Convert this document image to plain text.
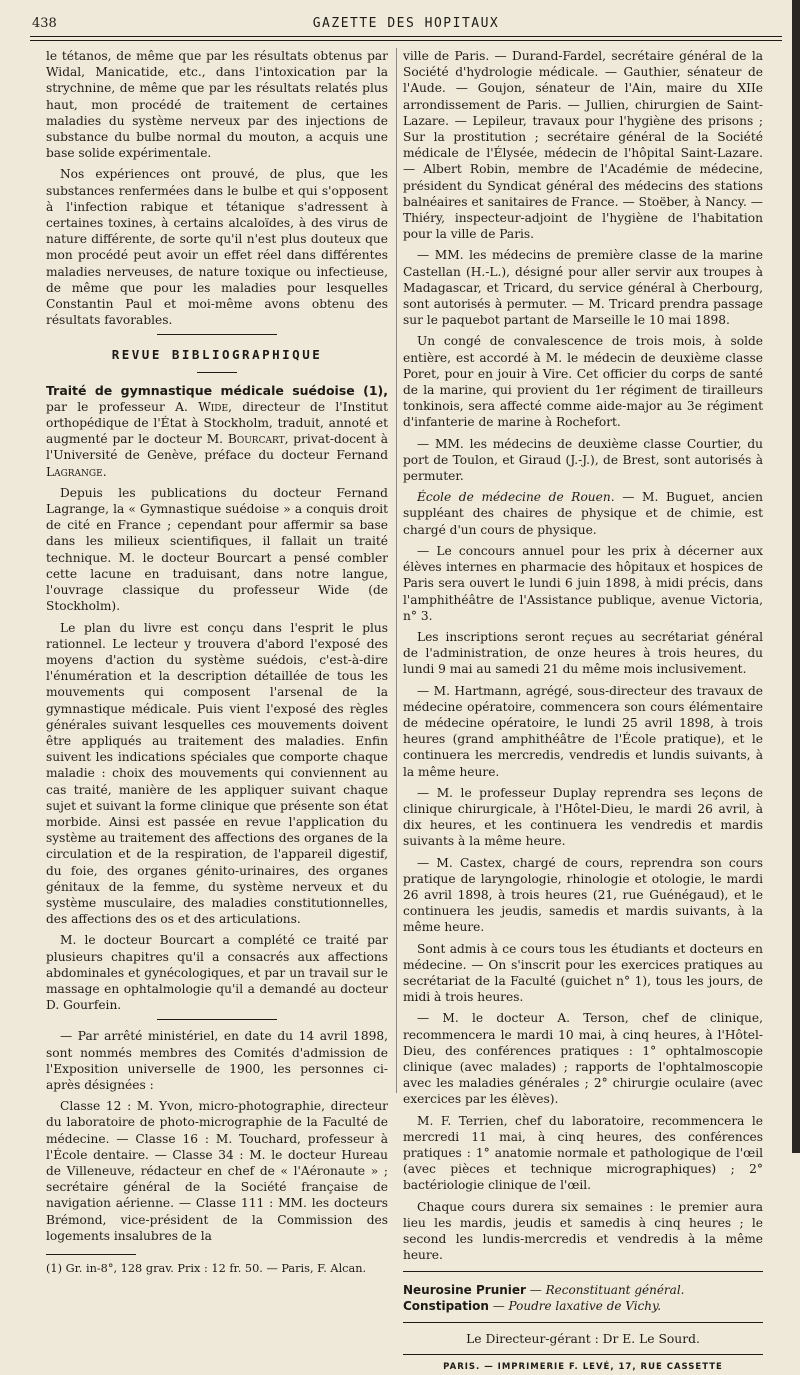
438	GAZETTE DES HOPITAUX

le tétanos, de même que par les résultats obtenus par Widal, Manicatide, etc., dans l'intoxication par la strychnine, de même que par les résultats relatés plus haut, mon procédé de traitement de certaines maladies du système nerveux par des injections de substance du bulbe normal du mouton, a acquis une base solide expérimentale.

Nos expériences ont prouvé, de plus, que les substances renfermées dans le bulbe et qui s'opposent à l'infection rabique et tétanique s'adressent à certaines toxines, à certains alcaloïdes, à des virus de nature différente, de sorte qu'il n'est plus douteux que mon procédé peut avoir un effet réel dans différentes maladies nerveuses, de nature toxique ou infectieuse, de même que pour les maladies pour lesquelles Constantin Paul et moi-même avons obtenu des résultats favorables.

REVUE BIBLIOGRAPHIQUE

Traité de gymnastique médicale suédoise (1), par le professeur A. Wide, directeur de l'Institut orthopédique de l'État à Stockholm, traduit, annoté et augmenté par le docteur M. Bourcart, privat-docent à l'Université de Genève, préface du docteur Fernand Lagrange.

Depuis les publications du docteur Fernand Lagrange, la « Gymnastique suédoise » a conquis droit de cité en France ; cependant pour affermir sa base dans les milieux scientifiques, il fallait un traité technique. M. le docteur Bourcart a pensé combler cette lacune en traduisant, dans notre langue, l'ouvrage classique du professeur Wide (de Stockholm).

Le plan du livre est conçu dans l'esprit le plus rationnel. Le lecteur y trouvera d'abord l'exposé des moyens d'action du système suédois, c'est-à-dire l'énumération et la description détaillée de tous les mouvements qui composent l'arsenal de la gymnastique médicale. Puis vient l'exposé des règles générales suivant lesquelles ces mouvements doivent être appliqués au traitement des maladies. Enfin suivent les indications spéciales que comporte chaque maladie : choix des mouvements qui conviennent au cas traité, manière de les appliquer suivant chaque sujet et suivant la forme clinique que présente son état morbide. Ainsi est passée en revue l'application du système au traitement des affections des organes de la circulation et de la respiration, de l'appareil digestif, du foie, des organes génito-urinaires, des organes génitaux de la femme, du système nerveux et du système musculaire, des maladies constitutionnelles, des affections des os et des articulations.

M. le docteur Bourcart a complété ce traité par plusieurs chapitres qu'il a consacrés aux affections abdominales et gynécologiques, et par un travail sur le massage en ophtalmologie qu'il a demandé au docteur D. Gourfein.

— Par arrêté ministériel, en date du 14 avril 1898, sont nommés membres des Comités d'admission de l'Exposition universelle de 1900, les personnes ci-après désignées :

Classe 12 : M. Yvon, micro-photographie, directeur du laboratoire de photo-micrographie de la Faculté de médecine. — Classe 16 : M. Touchard, professeur à l'École dentaire. — Classe 34 : M. le docteur Hureau de Villeneuve, rédacteur en chef de « l'Aéronaute » ; secrétaire général de la Société française de navigation aérienne. — Classe 111 : MM. les docteurs Brémond, vice-président de la Commission des logements insalubres de la

(1) Gr. in-8°, 128 grav. Prix : 12 fr. 50. — Paris, F. Alcan.

ville de Paris. — Durand-Fardel, secrétaire général de la Société d'hydrologie médicale. — Gauthier, sénateur de l'Aude. — Goujon, sénateur de l'Ain, maire du XIIe arrondissement de Paris. — Jullien, chirurgien de Saint-Lazare. — Lepileur, travaux pour l'hygiène des prisons ; Sur la prostitution ; secrétaire général de la Société médicale de l'Élysée, médecin de l'hôpital Saint-Lazare. — Albert Robin, membre de l'Académie de médecine, président du Syndicat général des médecins des stations balnéaires et sanitaires de France. — Stoëber, à Nancy. — Thiéry, inspecteur-adjoint de l'hygiène de l'habitation pour la ville de Paris.

— MM. les médecins de première classe de la marine Castellan (H.-L.), désigné pour aller servir aux troupes à Madagascar, et Tricard, du service général à Cherbourg, sont autorisés à permuter. — M. Tricard prendra passage sur le paquebot partant de Marseille le 10 mai 1898.

Un congé de convalescence de trois mois, à solde entière, est accordé à M. le médecin de deuxième classe Poret, pour en jouir à Vire. Cet officier du corps de santé de la marine, qui provient du 1er régiment de tirailleurs tonkinois, sera affecté comme aide-major au 3e régiment d'infanterie de marine à Rochefort.

— MM. les médecins de deuxième classe Courtier, du port de Toulon, et Giraud (J.-J.), de Brest, sont autorisés à permuter.

École de médecine de Rouen. — M. Buguet, ancien suppléant des chaires de physique et de chimie, est chargé d'un cours de physique.

— Le concours annuel pour les prix à décerner aux élèves internes en pharmacie des hôpitaux et hospices de Paris sera ouvert le lundi 6 juin 1898, à midi précis, dans l'amphithéâtre de l'Assistance publique, avenue Victoria, n° 3.

Les inscriptions seront reçues au secrétariat général de l'administration, de onze heures à trois heures, du lundi 9 mai au samedi 21 du même mois inclusivement.

— M. Hartmann, agrégé, sous-directeur des travaux de médecine opératoire, commencera son cours élémentaire de médecine opératoire, le lundi 25 avril 1898, à trois heures (grand amphithéâtre de l'École pratique), et le continuera les mercredis, vendredis et lundis suivants, à la même heure.

— M. le professeur Duplay reprendra ses leçons de clinique chirurgicale, à l'Hôtel-Dieu, le mardi 26 avril, à dix heures, et les continuera les vendredis et mardis suivants à la même heure.

— M. Castex, chargé de cours, reprendra son cours pratique de laryngologie, rhinologie et otologie, le mardi 26 avril 1898, à trois heures (21, rue Guénégaud), et le continuera les jeudis, samedis et mardis suivants, à la même heure.

Sont admis à ce cours tous les étudiants et docteurs en médecine. — On s'inscrit pour les exercices pratiques au secrétariat de la Faculté (guichet n° 1), tous les jours, de midi à trois heures.

— M. le docteur A. Terson, chef de clinique, recommencera le mardi 10 mai, à cinq heures, à l'Hôtel-Dieu, des conférences pratiques : 1° ophtalmoscopie clinique (avec malades) ; rapports de l'ophtalmoscopie avec les maladies générales ; 2° chirurgie oculaire (avec exercices par les élèves).

M. F. Terrien, chef du laboratoire, recommencera le mercredi 11 mai, à cinq heures, des conférences pratiques : 1° anatomie normale et pathologique de l'œil (avec pièces et technique micrographiques) ; 2° bactériologie clinique de l'œil.

Chaque cours durera six semaines : le premier aura lieu les mardis, jeudis et samedis à cinq heures ; le second les lundis-mercredis et vendredis à la même heure.

Neurosine Prunier — Reconstituant général.
Constipation — Poudre laxative de Vichy.
Le Directeur-gérant : Dr E. Le Sourd.
PARIS. — IMPRIMERIE F. LEVÉ, 17, RUE CASSETTE
